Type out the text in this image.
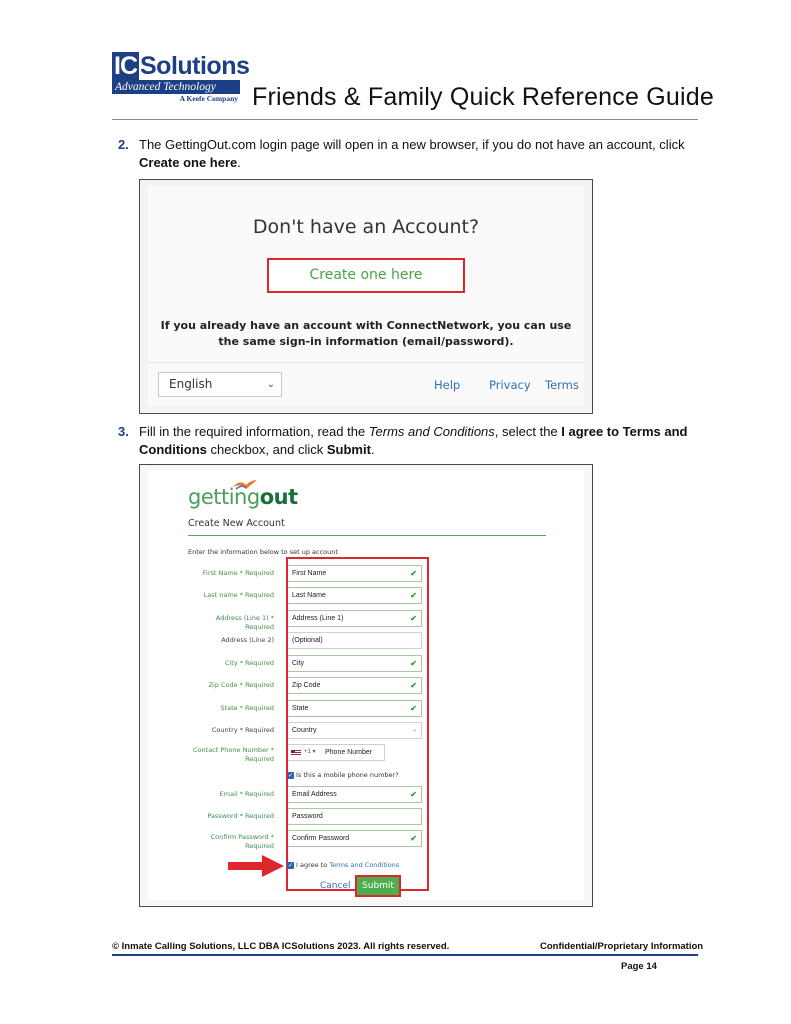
IC Solutions
Advanced Technology
A Keefe Company Friends & Family Quick Reference Guide
2. The GettingOut.com login page will open in a new browser, if you do not have an account, click Create one here.
Don't have an Account?
Create one here
If you already have an account with ConnectNetwork, you can use the same sign-in information (email/password).
English	⌄	Help	Privacy Terms
3. Fill in the required information, read the Terms and Conditions, select the I agree to Terms and Conditions checkbox, and click Submit.
gettingout
Create New Account
Enter the information below to set up account
First Name * Required	First Name	✔
Last name * Required	Last Name	✔
Address (Line 1) * Required
Address (Line 1)	✔
Address (Line 2)	(Optional)
City * Required	City	✔
Zip Code * Required	Zip Code	✔
State * Required	State	✔
Country * Required	Country	⌄
Contact Phone Number * Required
+1 ▾ Phone Number
✓ Is this a mobile phone number?
Email * Required	Email Address	✔
Password * Required	Password
Confirm Password * Required
Confirm Password	✔
✓ I agree to Terms and Conditions
Cancel	Submit
© Inmate Calling Solutions, LLC DBA ICSolutions 2023. All rights reserved.	Confidential/Proprietary Information
Page 14
